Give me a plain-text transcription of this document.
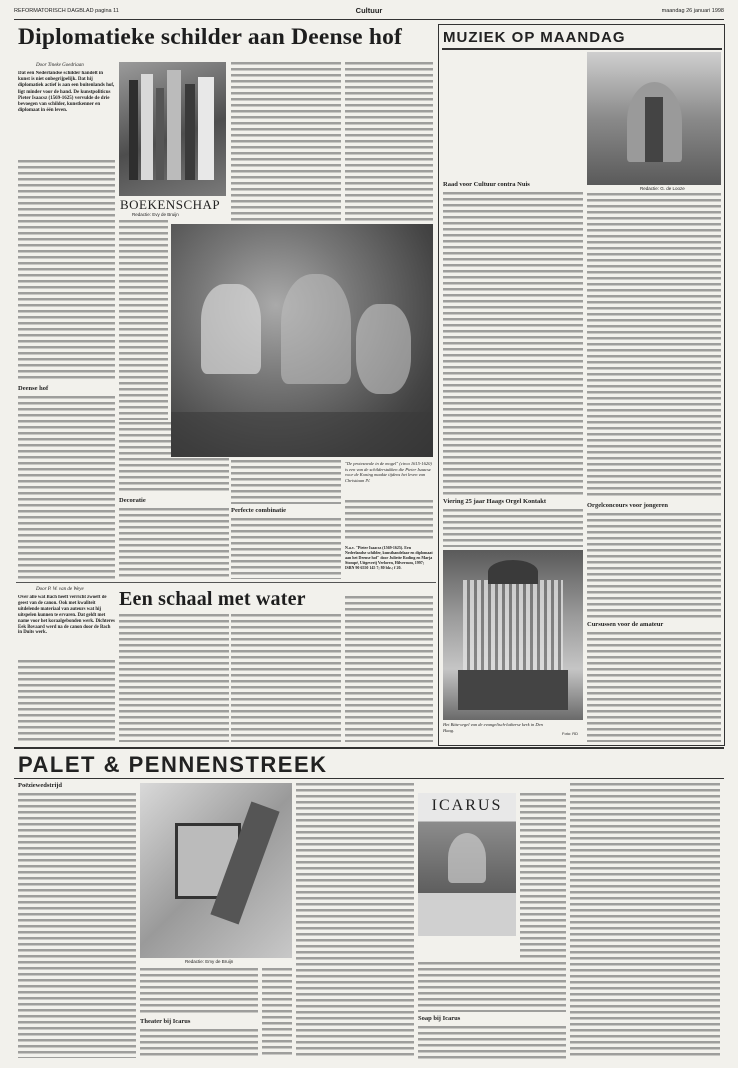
REFORMATORISCH DAGBLAD pagina 11	Cultuur	maandag 26 januari 1998
Diplomatieke schilder aan Deense hof
Door Tineke Goedriaan
Dat een Nederlandse schilder handelt in kunst is niet onbegrijpelijk. Dat hij diplomatiek actief is aan een buitenlands hof, ligt minder voor de hand. De kunstpoliticus Pieter Isaacsz (1569-1625) vervulde de drie bevoegen van schilder, kunstkenner en diplomaat in één leven.
Deense hof
BOEKENSCHAP
Redactie: Evy de Bruijn
Decoratie
Perfecte combinatie
"De protesneule in de mogel" (circa 1615-1620) is een van de schilderstukken die Pieter Isaacsz voor de Koning maakte tijdens het leven van Christiaan IV.
N.a.v. "Pieter Isaacsz (1569-1625). Een Nederlandse schilder, kunsthandelaar en diplomaat aan het Deense hof" door Juliette Roding en Marja Stompé, Uitgeverij Verloren, Hilversum, 1997; ISBN 90 6550 145 7; 80 blz.; f 20.
Door P. W. van de Weye
Over alle wat Bach heeft verricht zwoeft de geest van de canon. Ook met kwaliteit uitdelende materiaal van auteurs wat hij uitspelen kunnen te ervaren. Dat geldt met name voor het koraalgebonden werk. Dichteres Eek Bovaard werd na de canon door de Bach in Duits werk.
Een schaal met water
MUZIEK OP MAANDAG
Redactie: G. de Looze
Raad voor Cultuur contra Nuis
Viering 25 jaar Haags Orgel Kontakt
Orgelconcours voor jongeren
Cursussen voor de amateur
Het Bätz-orgel van de evangelisch-lutherse kerk in Den Haag.
Foto: RD
PALET & PENNENSTREEK
Poëziewedstrijd
Redactie: Emy de Bruijn
Theater bij Icarus
ICARUS
Soap bij Icarus
